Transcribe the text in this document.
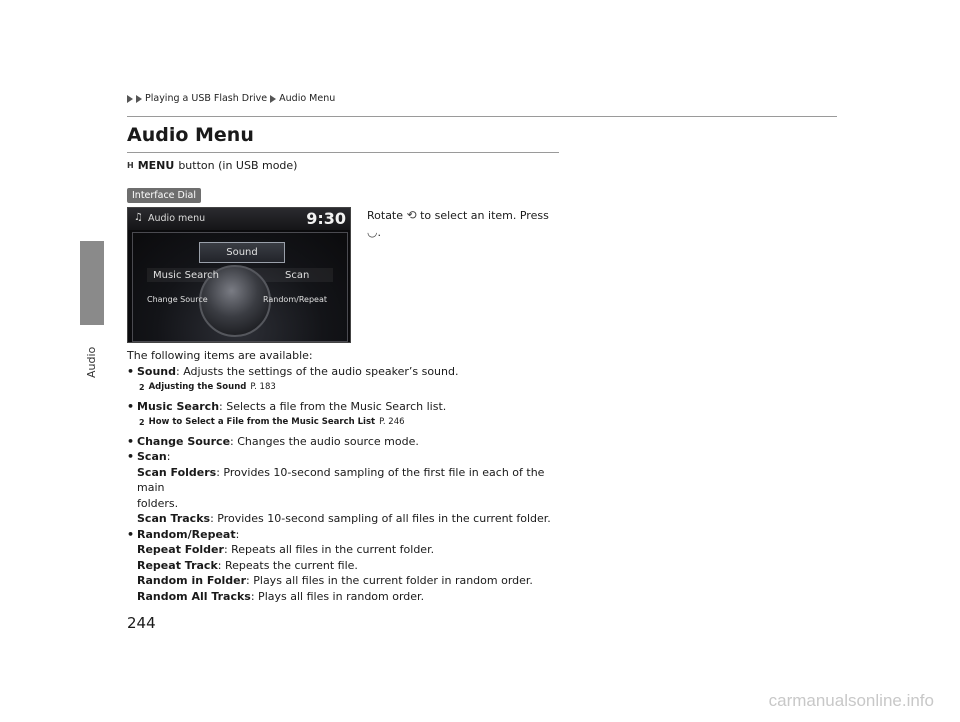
Audio
Playing a USB Flash Drive Audio Menu
Audio Menu
H MENU button (in USB mode)
Interface Dial
♫ Audio menu	9:30
Sound
Music Search	Scan
Change Source	Random/Repeat
Rotate ⟲ to select an item. Press
◡.

The following items are available:

• Sound: Adjusts the settings of the audio speaker’s sound.
2 Adjusting the Sound P. 183
• Music Search: Selects a file from the Music Search list.
2 How to Select a File from the Music Search List P. 246
• Change Source: Changes the audio source mode.
• Scan:
Scan Folders: Provides 10-second sampling of the first file in each of the main
folders.
Scan Tracks: Provides 10-second sampling of all files in the current folder.
• Random/Repeat:
Repeat Folder: Repeats all files in the current folder.
Repeat Track: Repeats the current file.
Random in Folder: Plays all files in the current folder in random order.
Random All Tracks: Plays all files in random order.
244
carmanualsonline.info
